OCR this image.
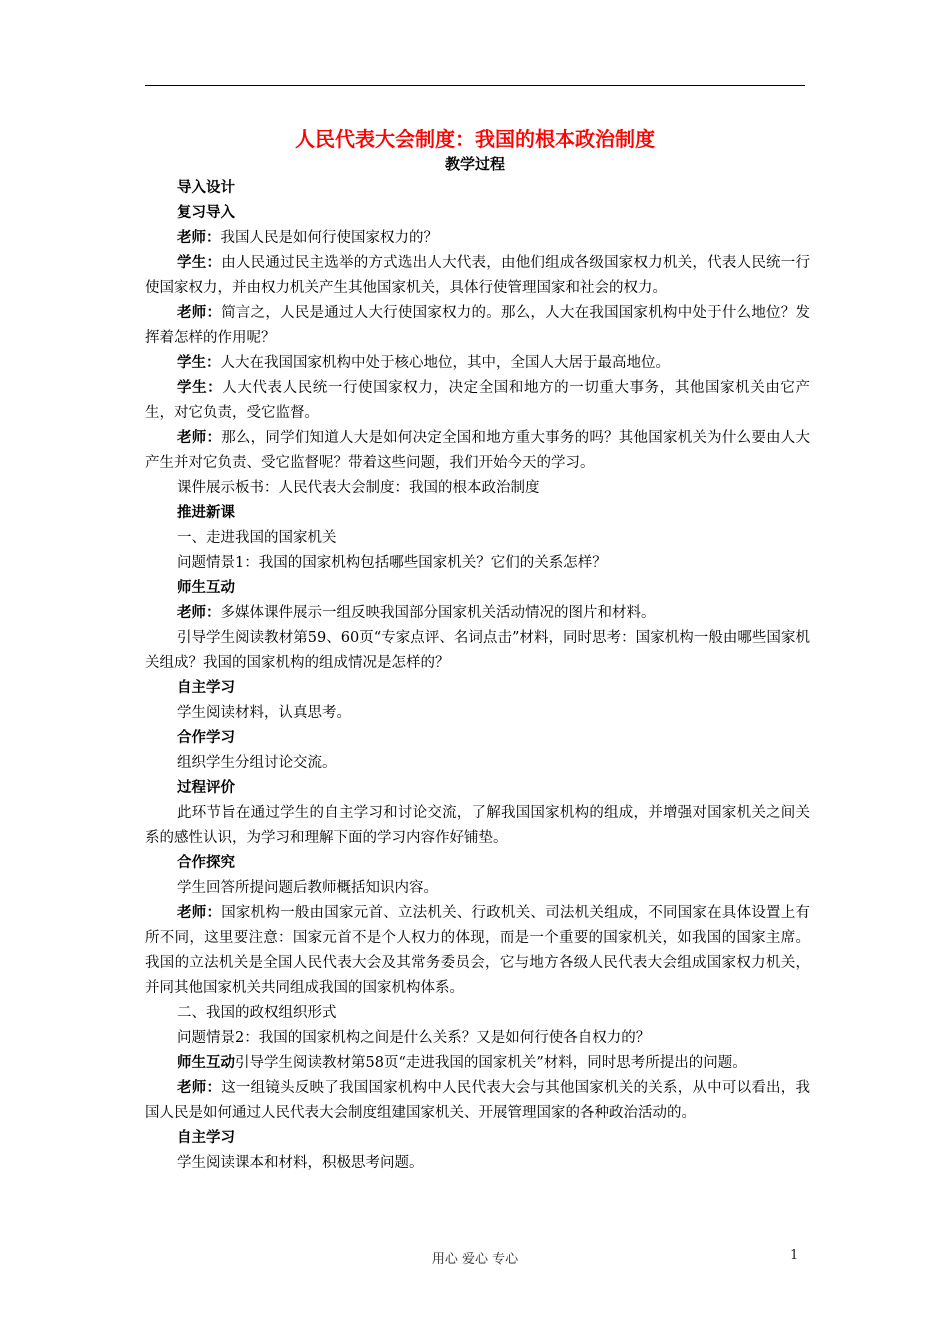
人民代表大会制度：我国的根本政治制度
教学过程

导入设计

复习导入

老师：我国人民是如何行使国家权力的？

学生：由人民通过民主选举的方式选出人大代表，由他们组成各级国家权力机关，代表人民统一行使国家权力，并由权力机关产生其他国家机关，具体行使管理国家和社会的权力。

老师：简言之，人民是通过人大行使国家权力的。那么，人大在我国国家机构中处于什么地位？发挥着怎样的作用呢？

学生：人大在我国国家机构中处于核心地位，其中，全国人大居于最高地位。

学生：人大代表人民统一行使国家权力，决定全国和地方的一切重大事务，其他国家机关由它产生，对它负责，受它监督。

老师：那么，同学们知道人大是如何决定全国和地方重大事务的吗？其他国家机关为什么要由人大产生并对它负责、受它监督呢？带着这些问题，我们开始今天的学习。

课件展示板书：人民代表大会制度：我国的根本政治制度

推进新课

一、走进我国的国家机关

问题情景1：我国的国家机构包括哪些国家机关？它们的关系怎样？

师生互动

老师：多媒体课件展示一组反映我国部分国家机关活动情况的图片和材料。

引导学生阅读教材第59、60页“专家点评、名词点击”材料，同时思考：国家机构一般由哪些国家机关组成？我国的国家机构的组成情况是怎样的？

自主学习

学生阅读材料，认真思考。

合作学习

组织学生分组讨论交流。

过程评价

此环节旨在通过学生的自主学习和讨论交流，了解我国国家机构的组成，并增强对国家机关之间关系的感性认识，为学习和理解下面的学习内容作好铺垫。

合作探究

学生回答所提问题后教师概括知识内容。

老师：国家机构一般由国家元首、立法机关、行政机关、司法机关组成，不同国家在具体设置上有所不同，这里要注意：国家元首不是个人权力的体现，而是一个重要的国家机关，如我国的国家主席。我国的立法机关是全国人民代表大会及其常务委员会，它与地方各级人民代表大会组成国家权力机关，并同其他国家机关共同组成我国的国家机构体系。

二、我国的政权组织形式

问题情景2：我国的国家机构之间是什么关系？又是如何行使各自权力的？

师生互动引导学生阅读教材第58页“走进我国的国家机关”材料，同时思考所提出的问题。

老师：这一组镜头反映了我国国家机构中人民代表大会与其他国家机关的关系，从中可以看出，我国人民是如何通过人民代表大会制度组建国家机关、开展管理国家的各种政治活动的。

自主学习

学生阅读课本和材料，积极思考问题。

用心 爱心 专心	1
